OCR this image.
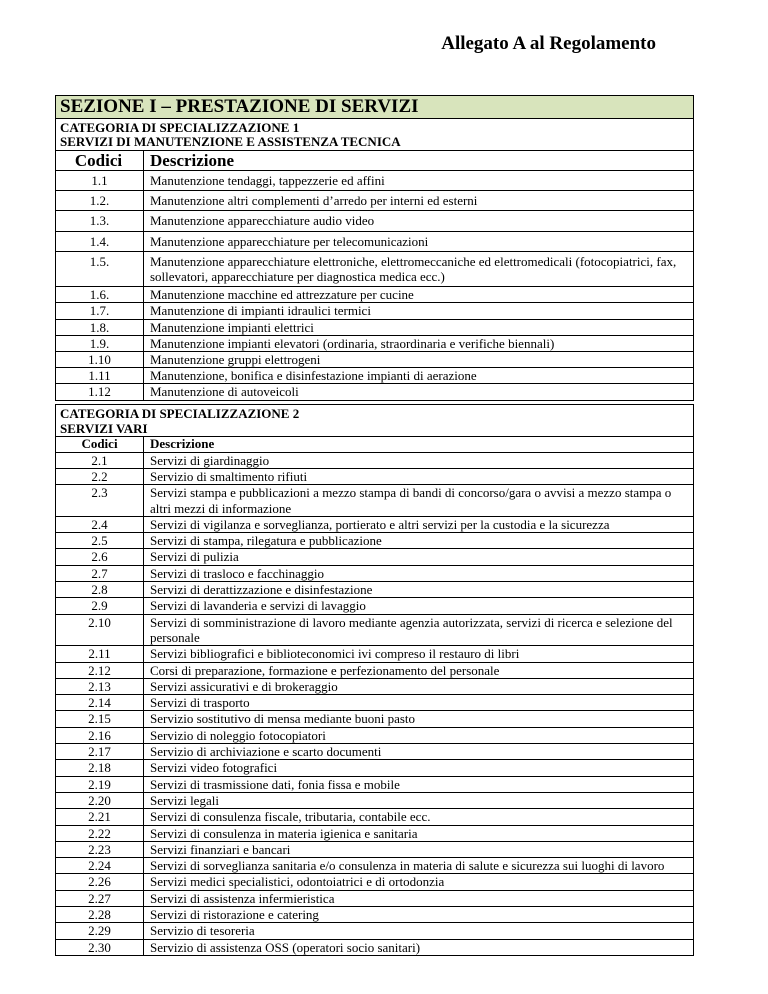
Allegato A al Regolamento
SEZIONE I – PRESTAZIONE DI SERVIZI	

CATEGORIA DI SPECIALIZZAZIONE 1
SERVIZI DI MANUTENZIONE E ASSISTENZA TECNICA	

Codici	Descrizione
1.1	Manutenzione tendaggi, tappezzerie ed affini
1.2.	Manutenzione altri complementi d’arredo per interni ed esterni
1.3.	Manutenzione apparecchiature audio video
1.4.	Manutenzione apparecchiature per telecomunicazioni
1.5.	Manutenzione apparecchiature elettroniche, elettromeccaniche ed elettromedicali (fotocopiatrici, fax, sollevatori, apparecchiature per diagnostica medica ecc.)
1.6.	Manutenzione macchine ed attrezzature per cucine
1.7.	Manutenzione di impianti idraulici termici
1.8.	Manutenzione impianti elettrici
1.9.	Manutenzione impianti elevatori (ordinaria, straordinaria e verifiche biennali)
1.10	Manutenzione gruppi elettrogeni
1.11	Manutenzione, bonifica e disinfestazione impianti di aerazione
1.12	Manutenzione di autoveicoli
CATEGORIA DI SPECIALIZZAZIONE 2
SERVIZI VARI	

Codici	Descrizione
2.1	Servizi di giardinaggio
2.2	Servizio di smaltimento rifiuti
2.3	Servizi stampa e pubblicazioni a mezzo stampa di bandi di concorso/gara o avvisi a mezzo stampa o altri mezzi di informazione
2.4	Servizi di vigilanza e sorveglianza, portierato e altri servizi per la custodia e la sicurezza
2.5	Servizi di stampa, rilegatura e pubblicazione
2.6	Servizi di pulizia
2.7	Servizi di trasloco e facchinaggio
2.8	Servizi di derattizzazione e disinfestazione
2.9	Servizi di lavanderia e servizi di lavaggio
2.10	Servizi di somministrazione di lavoro mediante agenzia autorizzata, servizi di ricerca e selezione del personale
2.11	Servizi bibliografici e biblioteconomici ivi compreso il restauro di libri
2.12	Corsi di preparazione, formazione e perfezionamento del personale
2.13	Servizi assicurativi e di brokeraggio
2.14	Servizi di trasporto
2.15	Servizio sostitutivo di mensa mediante buoni pasto
2.16	Servizio di noleggio fotocopiatori
2.17	Servizio di archiviazione e scarto documenti
2.18	Servizi video fotografici
2.19	Servizi di trasmissione dati, fonia fissa e mobile
2.20	Servizi legali
2.21	Servizi di consulenza fiscale, tributaria, contabile ecc.
2.22	Servizi di consulenza in materia igienica e sanitaria
2.23	Servizi finanziari e bancari
2.24	Servizi di sorveglianza sanitaria e/o consulenza in materia di salute e sicurezza sui luoghi di lavoro
2.26	Servizi medici specialistici, odontoiatrici e di ortodonzia
2.27	Servizi di assistenza infermieristica
2.28	Servizi di ristorazione e catering
2.29	Servizio di tesoreria
2.30	Servizio di assistenza OSS (operatori socio sanitari)
